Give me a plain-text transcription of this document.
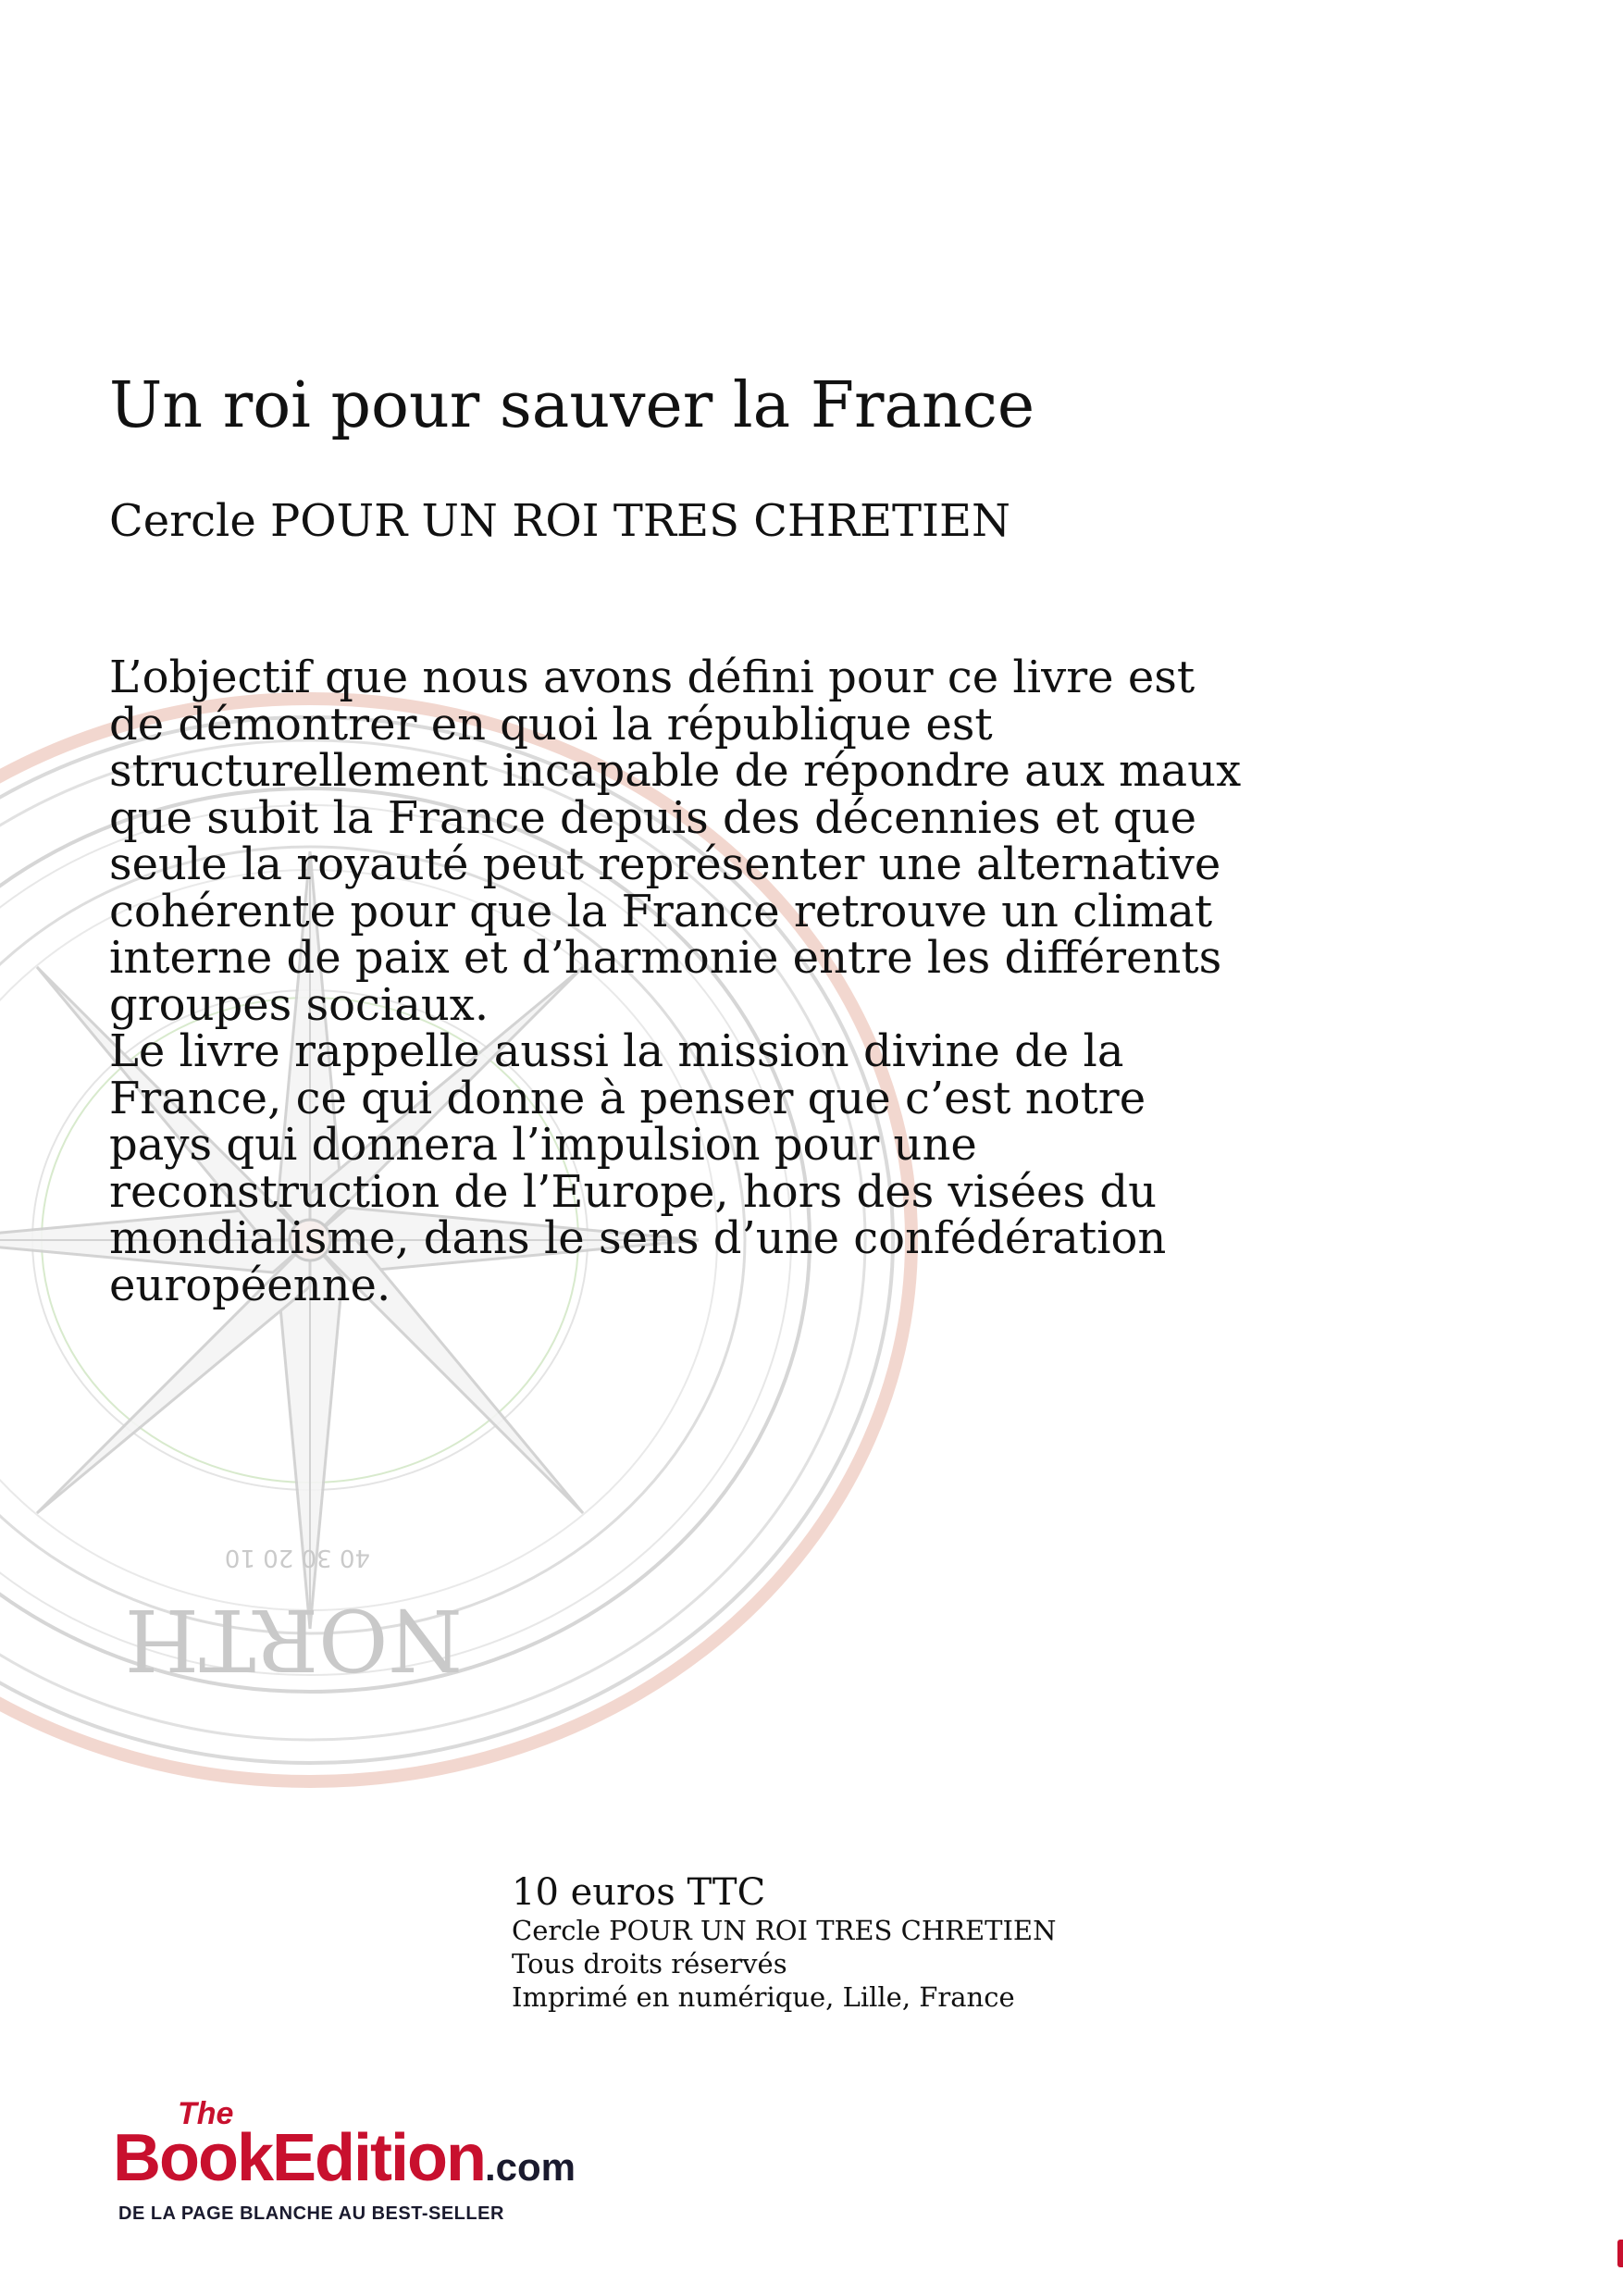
NORTH
40 30 20 10
Un roi pour sauver la France
Cercle POUR UN ROI TRES CHRETIEN

L’objectif que nous avons défini pour ce livre est de démontrer en quoi la république est structurellement incapable de répondre aux maux que subit la France depuis des décennies et que seule la royauté peut représenter une alternative cohérente pour que la France retrouve un climat interne de paix et d’harmonie entre les différents groupes sociaux.

Le livre rappelle aussi la mission divine de la France, ce qui donne à penser que c’est notre pays qui donnera l’impulsion pour une reconstruction de l’Europe, hors des visées du mondialisme, dans le sens d’une confédération européenne.

10 euros TTC
Cercle POUR UN ROI TRES CHRETIEN
Tous droits réservés
Imprimé en numérique, Lille, France
The
BookEdition.com
DE LA PAGE BLANCHE AU BEST-SELLER
